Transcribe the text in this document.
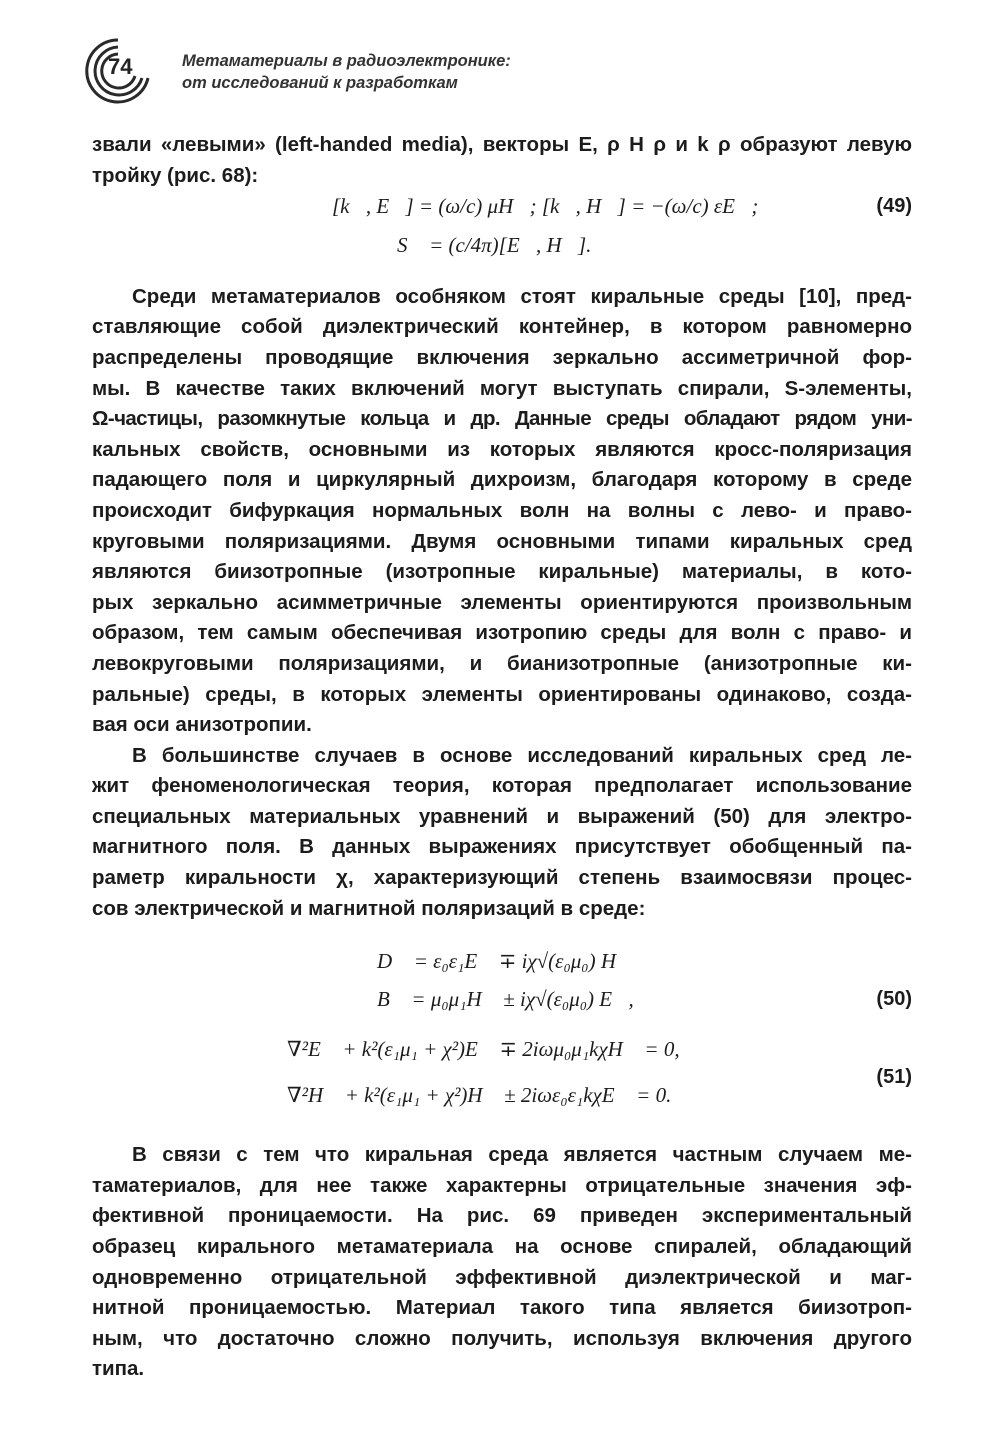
74	Метаматериалы в радиоэлектронике:
от исследований к разработкам
звали «левыми» (left-handed media), векторы E, ρ H ρ и k ρ образуют левую
тройку (рис. 68):
[k⃗, E⃗] = (ω/c) μH⃗; [k⃗, H⃗] = −(ω/c) εE⃗;	(49)
S⃗ = (c/4π)[E⃗, H⃗].
Среди метаматериалов особняком стоят киральные среды [10], пред-
ставляющие собой диэлектрический контейнер, в котором равномерно
распределены проводящие включения зеркально ассиметричной фор-
мы. В качестве таких включений могут выступать спирали, S-элементы,
Ω-частицы, разомкнутые кольца и др. Данные среды обладают рядом уни-
кальных свойств, основными из которых являются кросс-поляризация
падающего поля и циркулярный дихроизм, благодаря которому в среде
происходит бифуркация нормальных волн на волны с лево- и право-
круговыми поляризациями. Двумя основными типами киральных сред
являются биизотропные (изотропные киральные) материалы, в кото-
рых зеркально асимметричные элементы ориентируются произвольным
образом, тем самым обеспечивая изотропию среды для волн с право- и
левокруговыми поляризациями, и бианизотропные (анизотропные ки-
ральные) среды, в которых элементы ориентированы одинаково, созда-
вая оси анизотропии.
В большинстве случаев в основе исследований киральных сред ле-
жит феноменологическая теория, которая предполагает использование
специальных материальных уравнений и выражений (50) для электро-
магнитного поля. В данных выражениях присутствует обобщенный па-
раметр киральности χ, характеризующий степень взаимосвязи процес-
сов электрической и магнитной поляризаций в среде:
D⃗ = ε₀ε₁E⃗ ∓ iχ√(ε₀μ₀) H⃗
B⃗ = μ₀μ₁H⃗ ± iχ√(ε₀μ₀) E⃗,	(50)
∇²E⃗ + k²(ε₁μ₁ + χ²)E⃗ ∓ 2iωμ₀μ₁kχH⃗ = 0,
∇²H⃗ + k²(ε₁μ₁ + χ²)H⃗ ± 2iωε₀ε₁kχE⃗ = 0.
(51)
В связи с тем что киральная среда является частным случаем ме-
таматериалов, для нее также характерны отрицательные значения эф-
фективной проницаемости. На рис. 69 приведен экспериментальный
образец кирального метаматериала на основе спиралей, обладающий
одновременно отрицательной эффективной диэлектрической и маг-
нитной проницаемостью. Материал такого типа является биизотроп-
ным, что достаточно сложно получить, используя включения другого
типа.
